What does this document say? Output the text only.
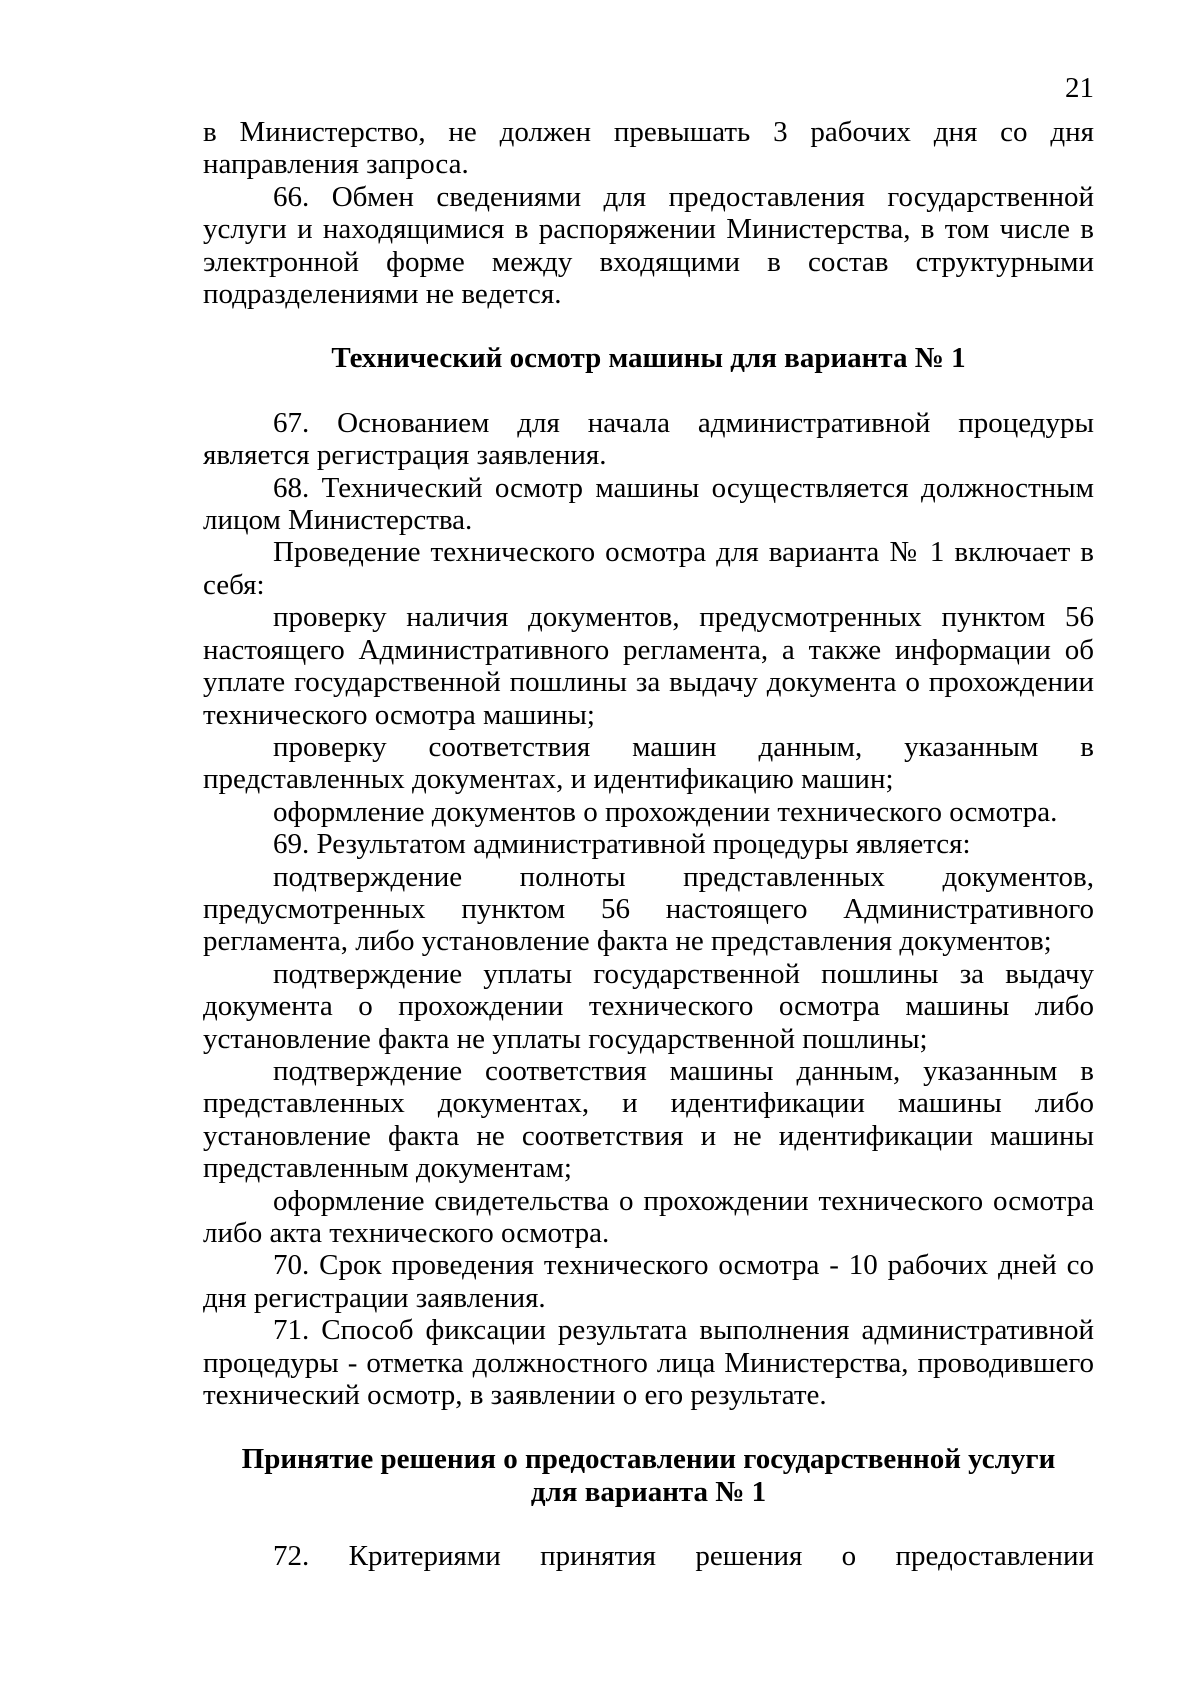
21

в Министерство, не должен превышать 3 рабочих дня со дня направления запроса.

66. Обмен сведениями для предоставления государственной услуги и находящимися в распоряжении Министерства, в том числе в электронной форме между входящими в состав структурными подразделениями не ведется.

Технический осмотр машины для варианта № 1

67. Основанием для начала административной процедуры является регистрация заявления.

68. Технический осмотр машины осуществляется должностным лицом Министерства.

Проведение технического осмотра для варианта № 1 включает в себя:

проверку наличия документов, предусмотренных пунктом 56 настоящего Административного регламента, а также информации об уплате государственной пошлины за выдачу документа о прохождении технического осмотра машины;

проверку соответствия машин данным, указанным в представленных документах, и идентификацию машин;

оформление документов о прохождении технического осмотра.

69. Результатом административной процедуры является:

подтверждение полноты представленных документов, предусмотренных пунктом 56 настоящего Административного регламента, либо установление факта не представления документов;

подтверждение уплаты государственной пошлины за выдачу документа о прохождении технического осмотра машины либо установление факта не уплаты государственной пошлины;

подтверждение соответствия машины данным, указанным в представленных документах, и идентификации машины либо установление факта не соответствия и не идентификации машины представленным документам;

оформление свидетельства о прохождении технического осмотра либо акта технического осмотра.

70. Срок проведения технического осмотра - 10 рабочих дней со дня регистрации заявления.

71. Способ фиксации результата выполнения административной процедуры - отметка должностного лица Министерства, проводившего технический осмотр, в заявлении о его результате.

Принятие решения о предоставлении государственной услуги

для варианта № 1

72. Критериями принятия решения о предоставлении
